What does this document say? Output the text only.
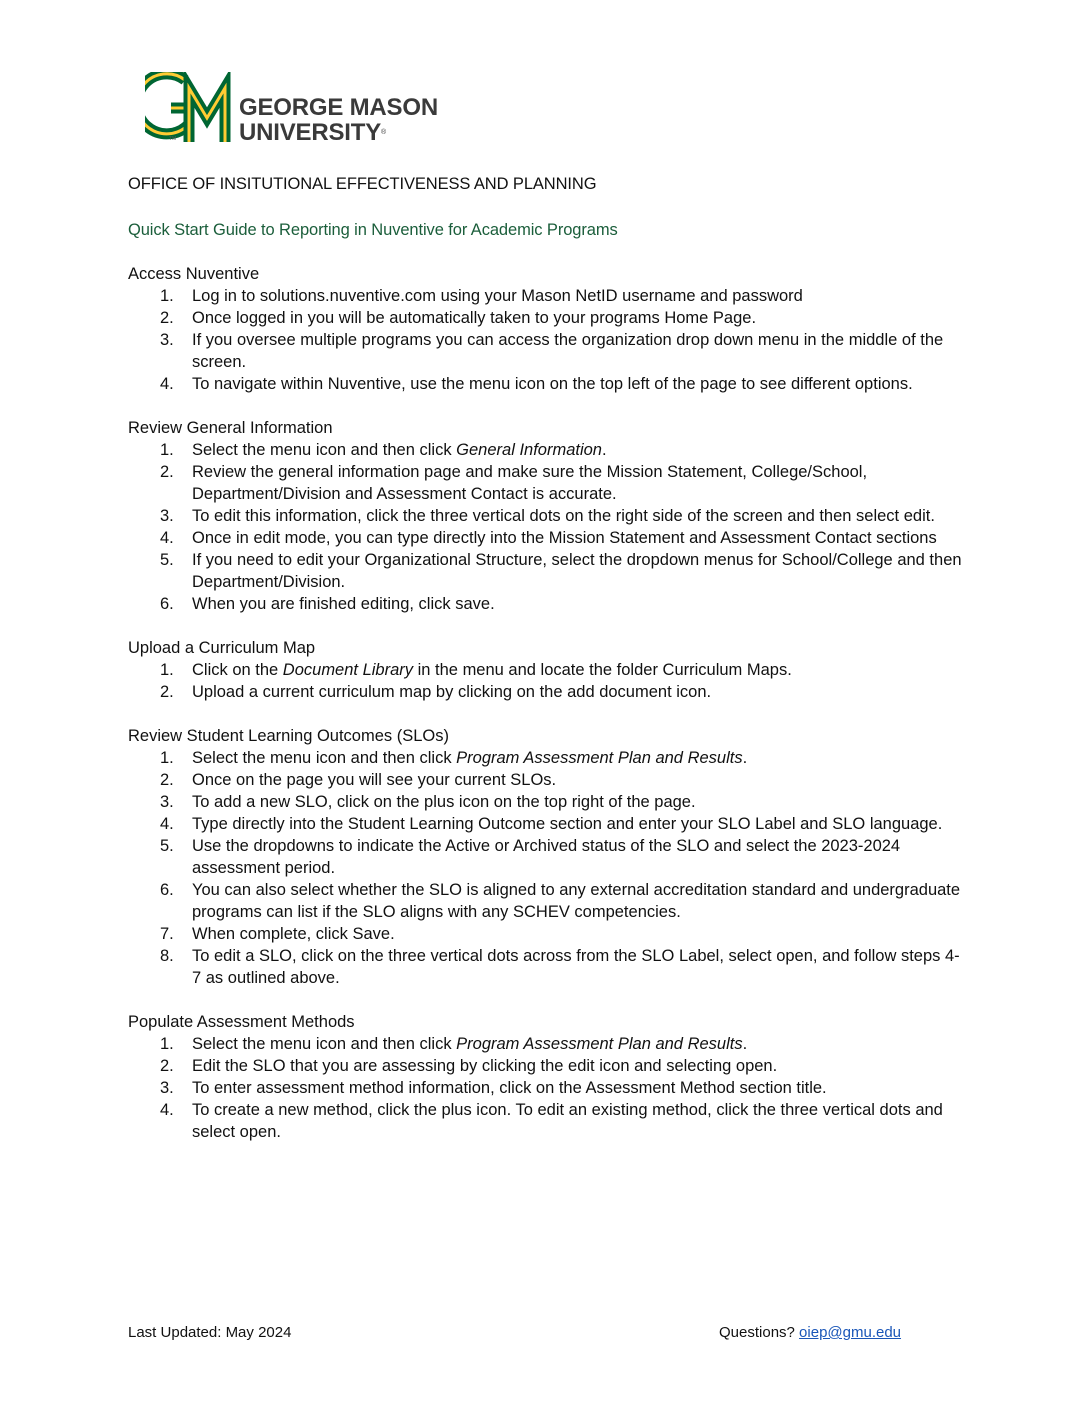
TM
GEORGE MASON
UNIVERSITY®
OFFICE OF INSITUTIONAL EFFECTIVENESS AND PLANNING
Quick Start Guide to Reporting in Nuventive for Academic Programs
Access Nuventive
1. Log in to solutions.nuventive.com using your Mason NetID username and password
2. Once logged in you will be automatically taken to your programs Home Page.
3. If you oversee multiple programs you can access the organization drop down menu in the middle of the screen.
4. To navigate within Nuventive, use the menu icon on the top left of the page to see different options.
Review General Information
1. Select the menu icon and then click General Information.
2. Review the general information page and make sure the Mission Statement, College/School, Department/Division and Assessment Contact is accurate.
3. To edit this information, click the three vertical dots on the right side of the screen and then select edit.
4. Once in edit mode, you can type directly into the Mission Statement and Assessment Contact sections
5. If you need to edit your Organizational Structure, select the dropdown menus for School/College and then Department/Division.
6. When you are finished editing, click save.
Upload a Curriculum Map
1. Click on the Document Library in the menu and locate the folder Curriculum Maps.
2. Upload a current curriculum map by clicking on the add document icon.
Review Student Learning Outcomes (SLOs)
1. Select the menu icon and then click Program Assessment Plan and Results.
2. Once on the page you will see your current SLOs.
3. To add a new SLO, click on the plus icon on the top right of the page.
4. Type directly into the Student Learning Outcome section and enter your SLO Label and SLO language.
5. Use the dropdowns to indicate the Active or Archived status of the SLO and select the 2023-2024 assessment period.
6. You can also select whether the SLO is aligned to any external accreditation standard and undergraduate programs can list if the SLO aligns with any SCHEV competencies.
7. When complete, click Save.
8. To edit a SLO, click on the three vertical dots across from the SLO Label, select open, and follow steps 4-7 as outlined above.
Populate Assessment Methods
1. Select the menu icon and then click Program Assessment Plan and Results.
2. Edit the SLO that you are assessing by clicking the edit icon and selecting open.
3. To enter assessment method information, click on the Assessment Method section title.
4. To create a new method, click the plus icon. To edit an existing method, click the three vertical dots and select open.
Last Updated: May 2024	Questions? oiep@gmu.edu
